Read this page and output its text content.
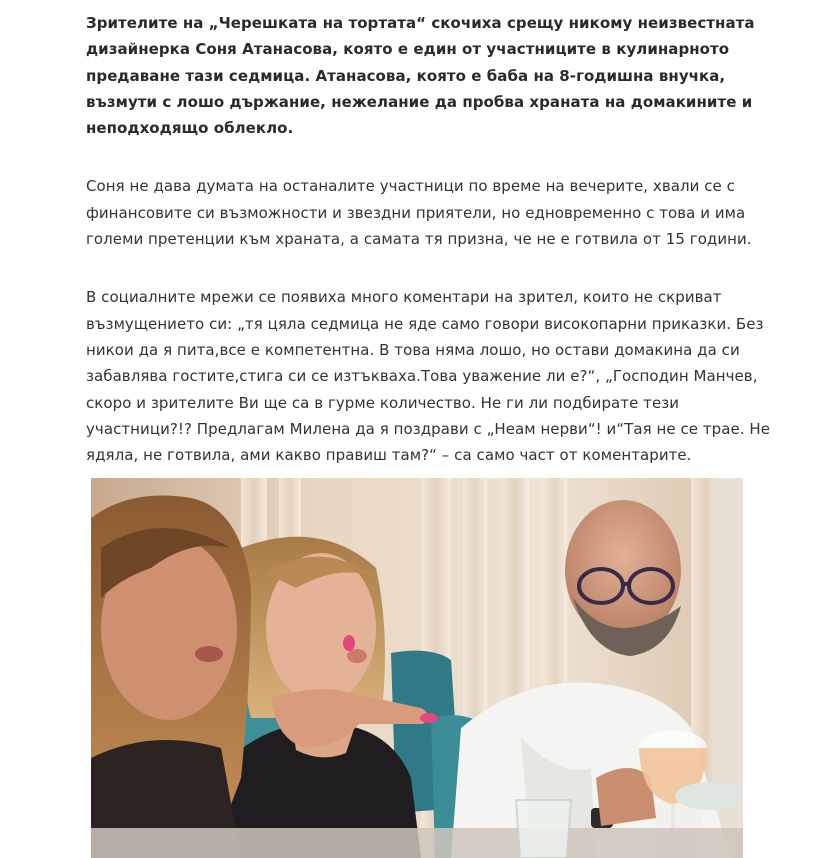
Зрителите на „Черешката на тортата“ скочиха срещу никому неизвестната дизайнерка Соня Атанасова, която е един от участниците в кулинарното предаване тази седмица. Атанасова, която е баба на 8-годишна внучка, възмути с лошо държание, нежелание да пробва храната на домакините и неподходящо облекло.

Соня не дава думата на останалите участници по време на вечерите, хвали се с финансовите си възможности и звездни приятели, но едновременно с това и има големи претенции към храната, а самата тя призна, че не е готвила от 15 години.

В социалните мрежи се появиха много коментари на зрител, които не скриват възмущението си: „тя цяла седмица не яде само говори високопарни приказки. Без никои да я пита,все е компетентна. В това няма лошо, но остави домакина да си забавлява гостите,стига си се изтъкваха.Това уважение ли е?“, „Господин Манчев, скоро и зрителите Ви ще са в гурме количество. Не ги ли подбирате тези участници?!? Предлагам Милена да я поздрави с „Неам нерви“! и“Тая не се трае. Не ядяла, не готвила, ами какво правиш там?“ – са само част от коментарите.
